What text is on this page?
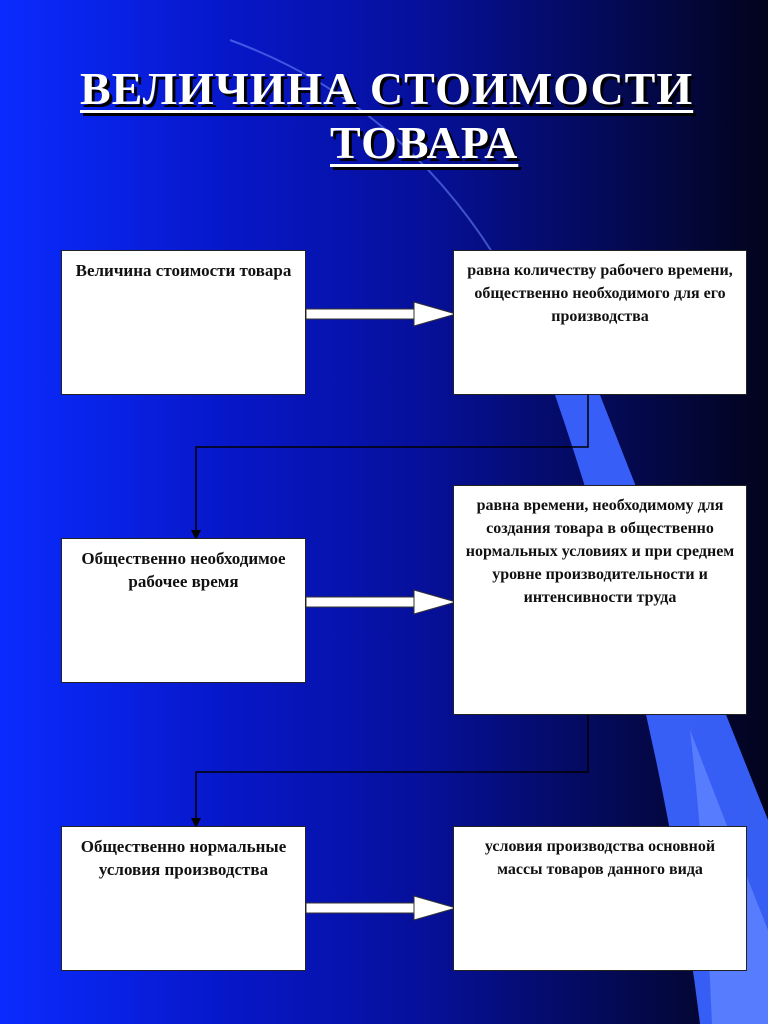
ВЕЛИЧИНА СТОИМОСТИ
ТОВАРА
Величина стоимости товара	равна количеству рабочего времени, общественно необходимого для его производства
Общественно необходимое рабочее время
равна времени, необходимому для создания товара в общественно нормальных условиях и при среднем уровне производительности и интенсивности труда
Общественно нормальные условия производства
условия производства основной массы товаров данного вида
